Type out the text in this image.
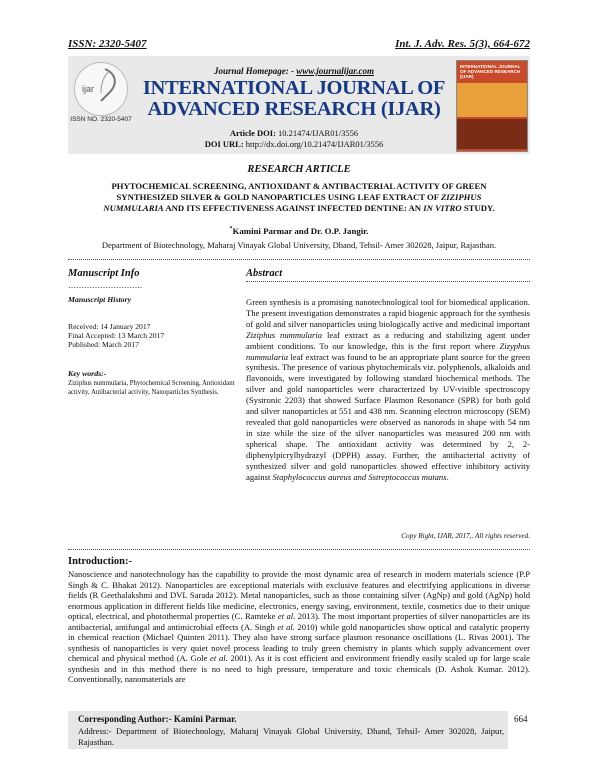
ISSN: 2320-5407	Int. J. Adv. Res. 5(3), 664-672
ijar
ISSN NO. 2320-5407
Journal Homepage: - www.journalijar.com
INTERNATIONAL JOURNAL OF
ADVANCED RESEARCH (IJAR)
Article DOI: 10.21474/IJAR01/3556
DOI URL: http://dx.doi.org/10.21474/IJAR01/3556
INTERNATIONAL JOURNAL OF ADVANCED RESEARCH (IJAR)
RESEARCH ARTICLE
PHYTOCHEMICAL SCREENING, ANTIOXIDANT & ANTIBACTERIAL ACTIVITY OF GREEN
SYNTHESIZED SILVER & GOLD NANOPARTICLES USING LEAF EXTRACT OF ZIZIPHUS
NUMMULARIA AND ITS EFFECTIVENESS AGAINST INFECTED DENTINE: AN IN VITRO STUDY.
*Kamini Parmar and Dr. O.P. Jangir.
Department of Biotechnology, Maharaj Vinayak Global University, Dhand, Tehsil- Amer 302028, Jaipur, Rajasthan.
Manuscript Info
……………………….
Manuscript History
Received: 14 January 2017
Final Accepted: 13 March 2017
Published: March 2017
Key words:-
Ziziphus nummularia, Phytochemical Screening, Antioxidant activity, Antibacterial activity, Nanoparticles Synthesis.
Abstract
Green synthesis is a promising nanotechnological tool for biomedical application. The present investigation demonstrates a rapid biogenic approach for the synthesis of gold and silver nanoparticles using biologically active and medicinal important Ziziphus nummularia leaf extract as a reducing and stabilizing agent under ambient conditions. To our knowledge, this is the first report where Zizyphus nummularia leaf extract was found to be an appropriate plant source for the green synthesis. The presence of various phytochemicals viz. polyphenols, alkaloids and flavonoids, were investigated by following standard biochemical methods. The silver and gold nanoparticles were characterized by UV-visible spectroscopy (Systronic 2203) that showed Surface Plasmon Resonance (SPR) for both gold and silver nanoparticles at 551 and 438 nm. Scanning electron microscopy (SEM) revealed that gold nanoparticles were observed as nanorods in shape with 54 nm in size while the size of the silver nanoparticles was measured 200 nm with spherical shape. The antioxidant activity was determined by 2, 2- diphenylpicrylhydrazyl (DPPH) assay. Further, the antibacterial activity of synthesized silver and gold nanoparticles showed effective inhibitory activity against Staphylococcus aureus and Sstreptococcus mutans.
Copy Right, IJAR, 2017,. All rights reserved.
Introduction:-
Nanoscience and nanotechnology has the capability to provide the most dynamic area of research in modern materials science (P.P Singh & C. Bhakat 2012). Nanoparticles are exceptional materials with exclusive features and electrifying applications in diverse fields (R Geethalakshmi and DVL Sarada 2012). Metal nanoparticles, such as those containing silver (AgNp) and gold (AgNp) hold enormous application in different fields like medicine, electronics, energy saving, environment, textile, cosmetics due to their unique optical, electrical, and photothermal properties (C. Ramteke et al. 2013). The most important properties of silver nanoparticles are its antibacterial, antifungal and antimicrobial effects (A. Singh et al. 2010) while gold nanoparticles show optical and catalytic property in chemical reaction (Michael Quinten 2011). They also have strong surface plasmon resonance oscillations (L. Rivas 2001). The synthesis of nanoparticles is very quiet novel process leading to truly green chemistry in plants which supply advancement over chemical and physical method (A. Gole et al. 2001). As it is cost efficient and environment friendly easily scaled up for large scale synthesis and in this method there is no need to high pressure, temperature and toxic chemicals (D. Ashok Kumar. 2012). Conventionally, nanomaterials are
Corresponding Author:- Kamini Parmar.
Address:- Department of Biotechnology, Maharaj Vinayak Global University, Dhand, Tehsil- Amer 302028, Jaipur, Rajasthan.
664
